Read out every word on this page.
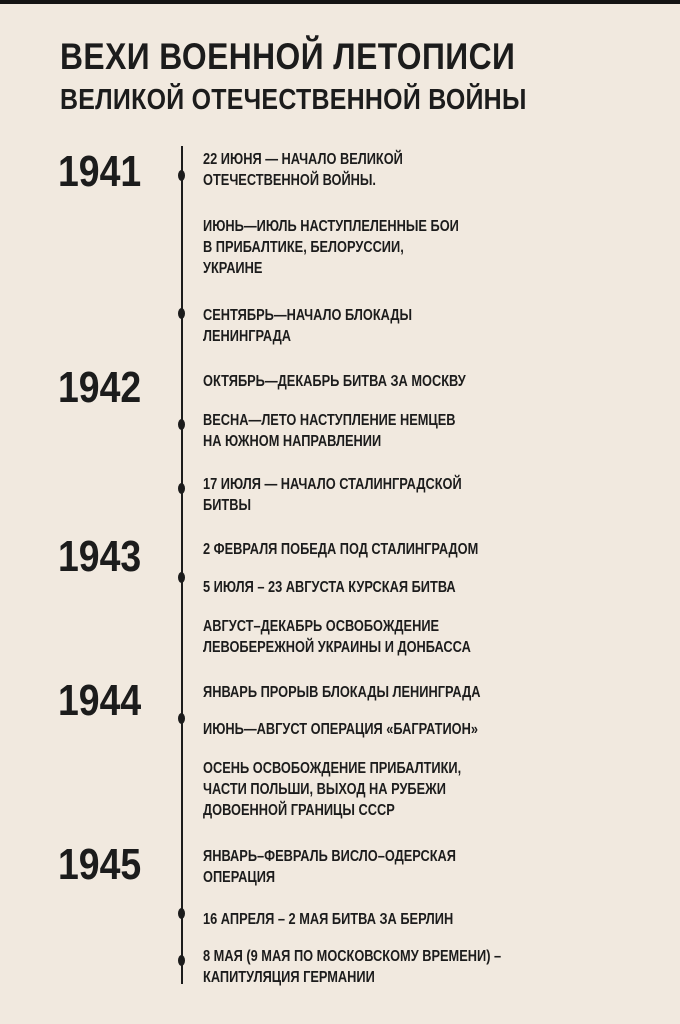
ВЕХИ ВОЕННОЙ ЛЕТОПИСИ
ВЕЛИКОЙ ОТЕЧЕСТВЕННОЙ ВОЙНЫ
1941
1942
1943
1944
1945
22 ИЮНЯ — НАЧАЛО ВЕЛИКОЙ
ОТЕЧЕСТВЕННОЙ ВОЙНЫ.
ИЮНЬ—ИЮЛЬ НАСТУПЛЕЛЕННЫЕ БОИ
В ПРИБАЛТИКЕ, БЕЛОРУССИИ,
УКРАИНЕ
СЕНТЯБРЬ—НАЧАЛО БЛОКАДЫ
ЛЕНИНГРАДА
ОКТЯБРЬ—ДЕКАБРЬ БИТВА ЗА МОСКВУ
ВЕСНА—ЛЕТО НАСТУПЛЕНИЕ НЕМЦЕВ
НА ЮЖНОМ НАПРАВЛЕНИИ
17 ИЮЛЯ — НАЧАЛО СТАЛИНГРАДСКОЙ
БИТВЫ
2 ФЕВРАЛЯ ПОБЕДА ПОД СТАЛИНГРАДОМ
5 ИЮЛЯ – 23 АВГУСТА КУРСКАЯ БИТВА
АВГУСТ–ДЕКАБРЬ ОСВОБОЖДЕНИЕ
ЛЕВОБЕРЕЖНОЙ УКРАИНЫ И ДОНБАССА
ЯНВАРЬ ПРОРЫВ БЛОКАДЫ ЛЕНИНГРАДА
ИЮНЬ—АВГУСТ ОПЕРАЦИЯ «БАГРАТИОН»
ОСЕНЬ ОСВОБОЖДЕНИЕ ПРИБАЛТИКИ,
ЧАСТИ ПОЛЬШИ, ВЫХОД НА РУБЕЖИ
ДОВОЕННОЙ ГРАНИЦЫ СССР
ЯНВАРЬ–ФЕВРАЛЬ ВИСЛО–ОДЕРСКАЯ
ОПЕРАЦИЯ
16 АПРЕЛЯ – 2 МАЯ БИТВА ЗА БЕРЛИН
8 МАЯ (9 МАЯ ПО МОСКОВСКОМУ ВРЕМЕНИ) –
КАПИТУЛЯЦИЯ ГЕРМАНИИ
